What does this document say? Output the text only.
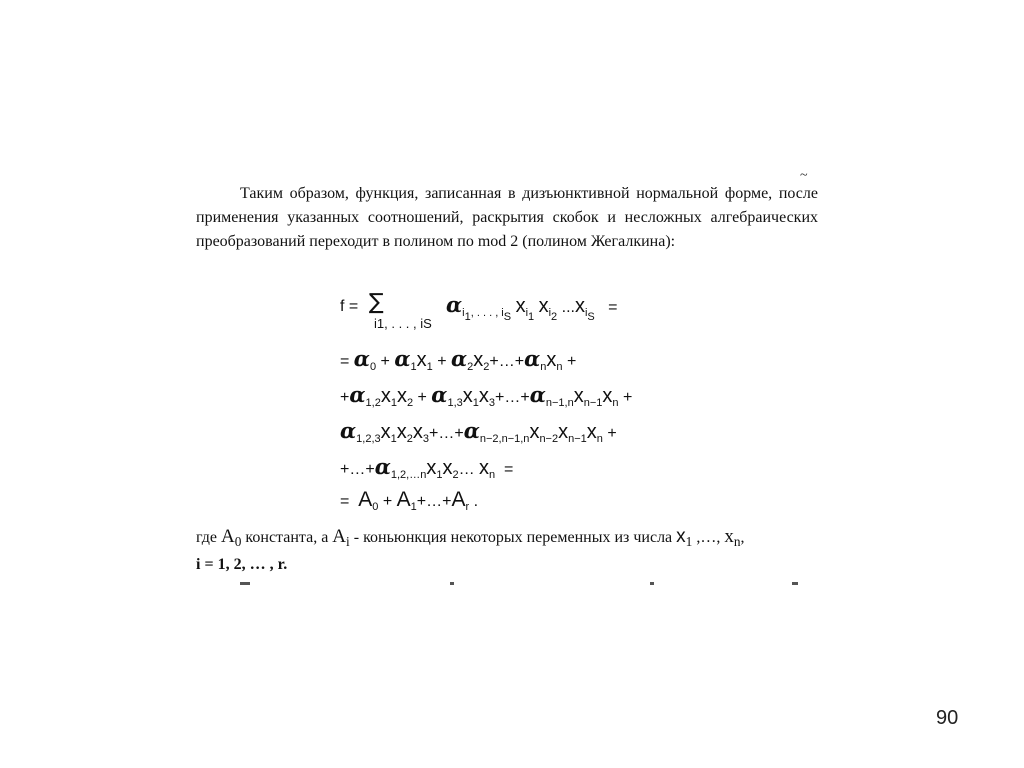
~

Таким образом, функция, записанная в дизъюнктивной нормальной форме, после применения указанных соотношений, раскрытия скобок и несложных алгебраических преобразований переходит в полином по mod 2 (полином Жегалкина):

f = ∑
i1, . . . , iS
$\alpha_{i_1, . . . , i_S}$ $x_{i_1}$ $x_{i_2}$ $...x_{i_S}$   =
= $\alpha_0 + \alpha_1x_1$ + $\alpha_2x_2+\dots+\alpha_nx_n$ +
$+\alpha_{1,2}x_1x_2$ + $\alpha_{1,3}x_1x_3+\dots+\alpha_{n-1,n}x_{n-1}x_n$ +
$\alpha_{1,2,3}x_1x_2x_3+\dots+\alpha_{n-2,n-1,n}x_{n-2}x_{n-1}x_n$ +
$+\dots+\alpha_{1,2,\dots n}x_1x_2\dots$ $x_n$  =
=  $A_0$ + $A_1+\dots+A_r$ .
где $A_0$ константа, а $A_i$ - коньюнкция некоторых переменных из числа $x_1$ ,…, $x_n$,
i = 1, 2, … , r.
90
